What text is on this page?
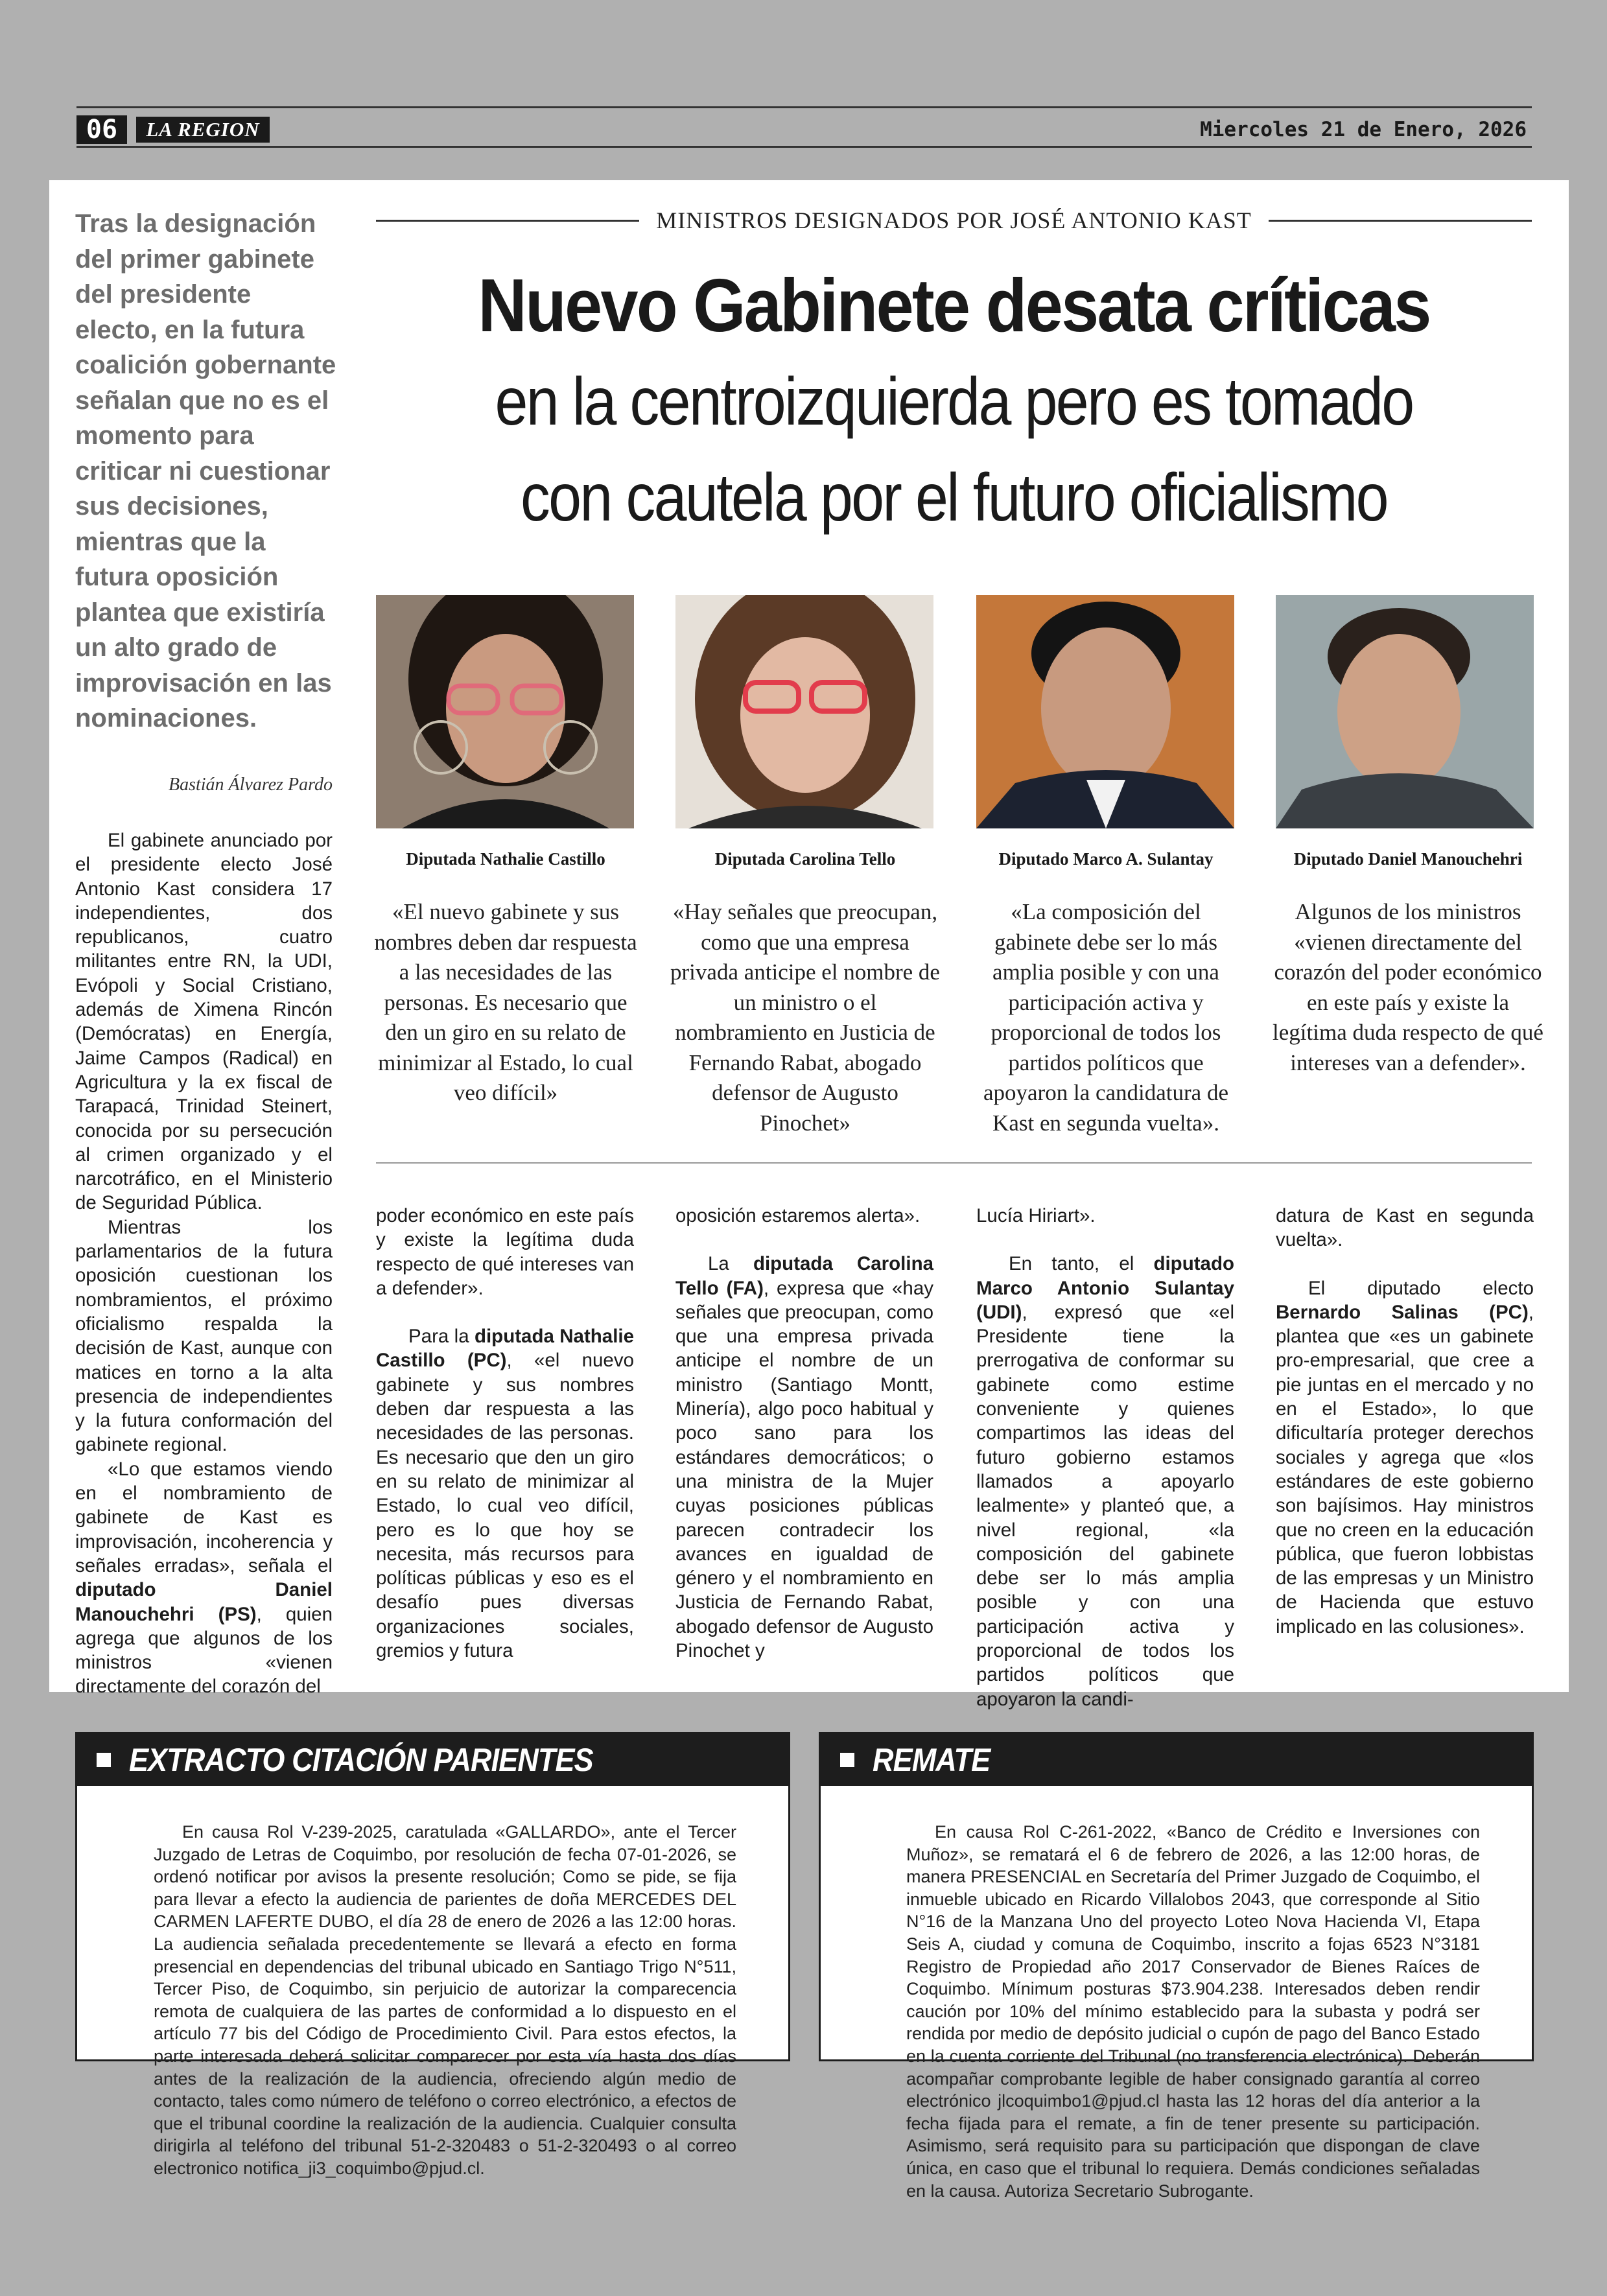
06	LA REGION	Miercoles 21 de Enero, 2026
Tras la designación del primer gabinete del presidente electo, en la futura coalición gobernante señalan que no es el momento para criticar ni cuestionar sus decisiones, mientras que la futura oposición plantea que existiría un alto grado de improvisación en las nominaciones.
Bastián Álvarez Pardo
MINISTROS DESIGNADOS POR JOSÉ ANTONIO KAST
Nuevo Gabinete desata críticas
en la centroizquierda pero es tomado con cautela por el futuro oficialismo
Diputada Nathalie Castillo	Diputada Carolina Tello	Diputado Marco A. Sulantay	Diputado Daniel Manouchehri
«El nuevo gabinete y sus nombres deben dar respuesta a las necesidades de las personas. Es necesario que den un giro en su relato de minimizar al Estado, lo cual veo difícil»
«Hay señales que preocupan, como que una empresa privada anticipe el nombre de un ministro o el nombramiento en Justicia de Fernando Rabat, abogado defensor de Augusto Pinochet»
«La composición del gabinete debe ser lo más amplia posible y con una participación activa y proporcional de todos los partidos políticos que apoyaron la candidatura de Kast en segunda vuelta».
Algunos de los ministros «vienen directamente del corazón del poder económico en este país y existe la legítima duda respecto de qué intereses van a defender».

El gabinete anunciado por el presidente electo José Antonio Kast considera 17 independientes, dos republicanos, cuatro militantes entre RN, la UDI, Evópoli y Social Cristiano, además de Ximena Rincón (Demócratas) en Energía, Jaime Campos (Radical) en Agricultura y la ex fiscal de Tarapacá, Trinidad Steinert, conocida por su persecución al crimen organizado y el narcotráfico, en el Ministerio de Seguridad Pública.

Mientras los parlamentarios de la futura oposición cuestionan los nombramientos, el próximo oficialismo respalda la decisión de Kast, aunque con matices en torno a la alta presencia de independientes y la futura conformación del gabinete regional.

«Lo que estamos viendo en el nombramiento de gabinete de Kast es improvisación, incoherencia y señales erradas», señala el diputado Daniel Manouchehri (PS), quien agrega que algunos de los ministros «vienen directamente del corazón del

poder económico en este país y existe la legítima duda respecto de qué intereses van a defender».

Para la diputada Nathalie Castillo (PC), «el nuevo gabinete y sus nombres deben dar respuesta a las necesidades de las personas. Es necesario que den un giro en su relato de minimizar al Estado, lo cual veo difícil, pero es lo que hoy se necesita, más recursos para políticas públicas y eso es el desafío pues diversas organizaciones sociales, gremios y futura

oposición estaremos alerta».

La diputada Carolina Tello (FA), expresa que «hay señales que preocupan, como que una empresa privada anticipe el nombre de un ministro (Santiago Montt, Minería), algo poco habitual y poco sano para los estándares democráticos; o una ministra de la Mujer cuyas posiciones públicas parecen contradecir los avances en igualdad de género y el nombramiento en Justicia de Fernando Rabat, abogado defensor de Augusto Pinochet y

Lucía Hiriart».

En tanto, el diputado Marco Antonio Sulantay (UDI), expresó que «el Presidente tiene la prerrogativa de conformar su gabinete como estime conveniente y quienes compartimos las ideas del futuro gobierno estamos llamados a apoyarlo lealmente» y planteó que, a nivel regional, «la composición del gabinete debe ser lo más amplia posible y con una participación activa y proporcional de todos los partidos políticos que apoyaron la candi-

datura de Kast en segunda vuelta».

El diputado electo Bernardo Salinas (PC), plantea que «es un gabinete pro-empresarial, que cree a pie juntas en el mercado y no en el Estado», lo que dificultaría proteger derechos sociales y agrega que «los estándares de este gobierno son bajísimos. Hay ministros que no creen en la educación pública, que fueron lobbistas de las empresas y un Ministro de Hacienda que estuvo implicado en las colusiones».

EXTRACTO CITACIÓN PARIENTES

En causa Rol V-239-2025, caratulada «GALLARDO», ante el Tercer Juzgado de Letras de Coquimbo, por resolución de fecha 07-01-2026, se ordenó notificar por avisos la presente resolución; Como se pide, se fija para llevar a efecto la audiencia de parientes de doña MERCEDES DEL CARMEN LAFERTE DUBO, el día 28 de enero de 2026 a las 12:00 horas. La audiencia señalada precedentemente se llevará a efecto en forma presencial en dependencias del tribunal ubicado en Santiago Trigo N°511, Tercer Piso, de Coquimbo, sin perjuicio de autorizar la comparecencia remota de cualquiera de las partes de conformidad a lo dispuesto en el artículo 77 bis del Código de Procedimiento Civil. Para estos efectos, la parte interesada deberá solicitar comparecer por esta vía hasta dos días antes de la realización de la audiencia, ofreciendo algún medio de contacto, tales como número de teléfono o correo electrónico, a efectos de que el tribunal coordine la realización de la audiencia. Cualquier consulta dirigirla al teléfono del tribunal 51-2-320483 o 51-2-320493 o al correo electronico notifica_ji3_coquimbo@pjud.cl.

REMATE

En causa Rol C-261-2022, «Banco de Crédito e Inversiones con Muñoz», se rematará el 6 de febrero de 2026, a las 12:00 horas, de manera PRESENCIAL en Secretaría del Primer Juzgado de Coquimbo, el inmueble ubicado en Ricardo Villalobos 2043, que corresponde al Sitio N°16 de la Manzana Uno del proyecto Loteo Nova Hacienda VI, Etapa Seis A, ciudad y comuna de Coquimbo, inscrito a fojas 6523 N°3181 Registro de Propiedad año 2017 Conservador de Bienes Raíces de Coquimbo. Mínimum posturas $73.904.238. Interesados deben rendir caución por 10% del mínimo establecido para la subasta y podrá ser rendida por medio de depósito judicial o cupón de pago del Banco Estado en la cuenta corriente del Tribunal (no transferencia electrónica). Deberán acompañar comprobante legible de haber consignado garantía al correo electrónico jlcoquimbo1@pjud.cl hasta las 12 horas del día anterior a la fecha fijada para el remate, a fin de tener presente su participación. Asimismo, será requisito para su participación que dispongan de clave única, en caso que el tribunal lo requiera. Demás condiciones señaladas en la causa. Autoriza Secretario Subrogante.
